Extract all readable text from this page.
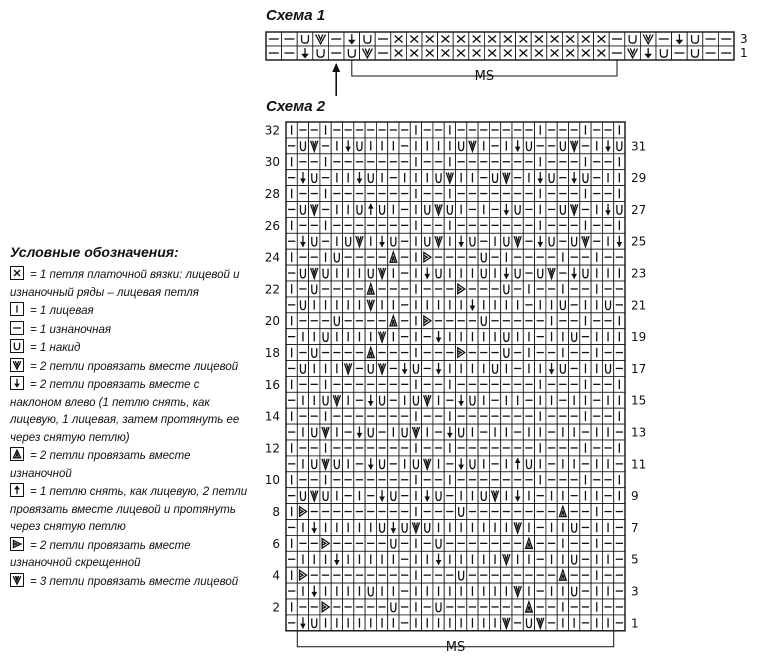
Схема 1
3
1
MS
Схема 2
32
31
30
29
28
27
26
25
24
23
22
21
20
19
18
17
16
15
14
13
12
11
10
9
8
7
6
5
4
3
2
1
MS
Условные обозначения:
= 1 петля платочной вязки: лицевой и изнаночный ряды – лицевая петля
= 1 лицевая
= 1 изнаночная
= 1 накид
= 2 петли провязать вместе лицевой
= 2 петли провязать вместе с наклоном влево (1 петлю снять, как лицевую, 1 лицевая, затем протянуть ее через снятую петлю)
= 2 петли провязать вместе изнаночной
= 1 петлю снять, как лицевую, 2 петли провязать вместе лицевой и протянуть через снятую петлю
= 2 петли провязать вместе изнаночной скрещенной
= 3 петли провязать вместе лицевой
